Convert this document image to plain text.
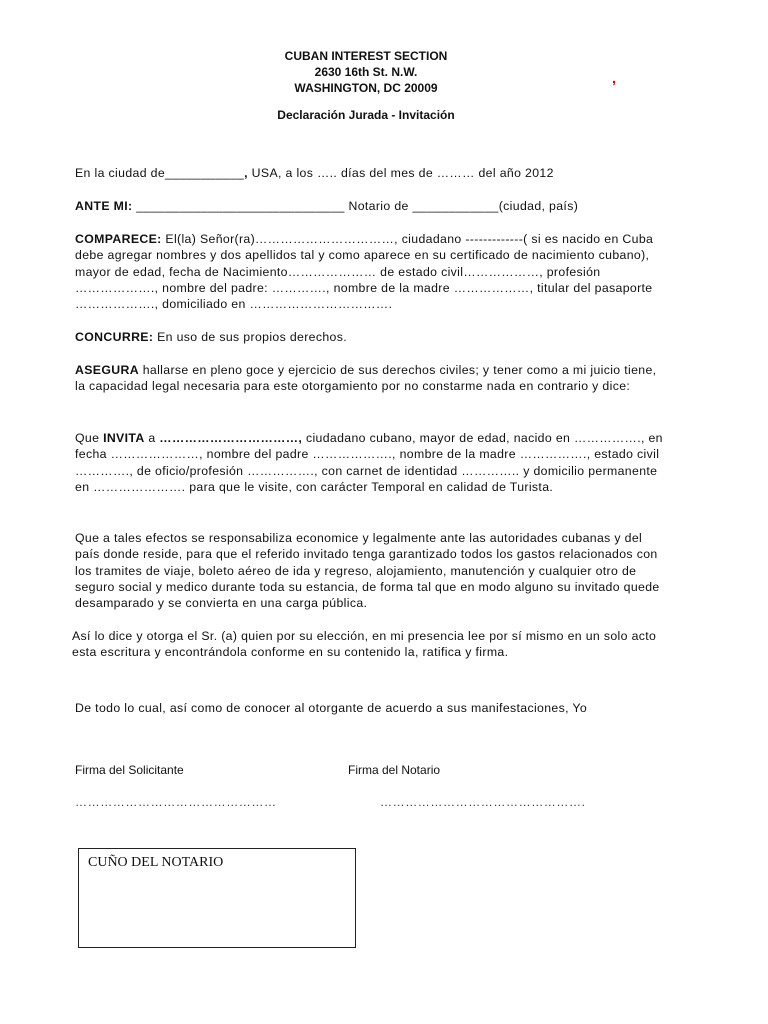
CUBAN INTEREST SECTION
2630 16th St. N.W.
WASHINGTON, DC 20009
,
Declaración Jurada - Invitación
En la ciudad de___________, USA, a los ….. días del mes de ……… del año 2012
ANTE MI: _____________________________ Notario de ____________(ciudad, país)
COMPARECE: El(la) Señor(ra)……………………………, ciudadano -------------( si es nacido en Cuba debe agregar nombres y dos apellidos tal y como aparece en su certificado de nacimiento cubano), mayor de edad, fecha de Nacimiento………………… de estado civil………………, profesión ………………., nombre del padre: …………., nombre de la madre ………………, titular del pasaporte ………………., domiciliado en …………………………….
CONCURRE: En uso de sus propios derechos.
ASEGURA hallarse en pleno goce y ejercicio de sus derechos civiles; y tener como a mi juicio tiene, la capacidad legal necesaria para este otorgamiento por no constarme nada en contrario y dice:
Que INVITA a ……………………………, ciudadano cubano, mayor de edad, nacido en ……………., en fecha …………………, nombre del padre ………………., nombre de la madre ……………., estado civil …………., de oficio/profesión ……………., con carnet de identidad ………….. y domicilio permanente en …………………. para que le visite, con carácter Temporal en calidad de Turista.
Que a tales efectos se responsabiliza economice y legalmente ante las autoridades cubanas y del país donde reside, para que el referido invitado tenga garantizado todos los gastos relacionados con los tramites de viaje, boleto aéreo de ida y regreso, alojamiento, manutención y cualquier otro de seguro social y medico durante toda su estancia, de forma tal que en modo alguno su invitado quede desamparado y se convierta en una carga pública.
Así lo dice y otorga el Sr. (a) quien por su elección, en mi presencia lee por sí mismo en un solo acto esta escritura y encontrándola conforme en su contenido la, ratifica y firma.
De todo lo cual, así como de conocer al otorgante de acuerdo a sus manifestaciones, Yo
Firma del Solicitante	Firma del Notario
…………………………………………	………………………………………….
CUÑO DEL NOTARIO
